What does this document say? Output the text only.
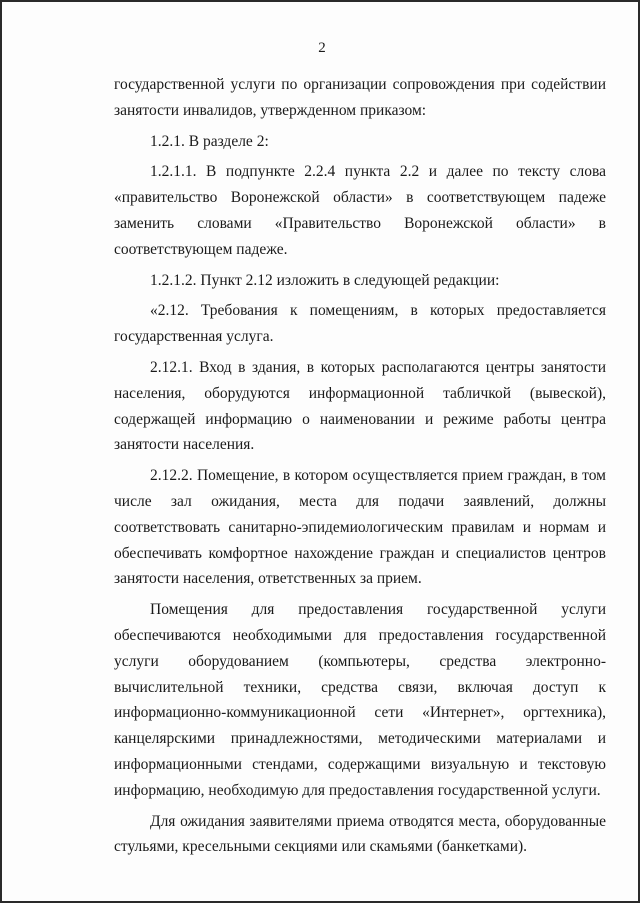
2

государственной услуги по организации сопровождения при содействии занятости инвалидов, утвержденном приказом:

1.2.1. В разделе 2:

1.2.1.1. В подпункте 2.2.4 пункта 2.2 и далее по тексту слова «правительство Воронежской области» в соответствующем падеже заменить словами «Правительство Воронежской области» в соответствующем падеже.

1.2.1.2. Пункт 2.12 изложить в следующей редакции:

«2.12. Требования к помещениям, в которых предоставляется государственная услуга.

2.12.1. Вход в здания, в которых располагаются центры занятости населения, оборудуются информационной табличкой (вывеской), содержащей информацию о наименовании и режиме работы центра занятости населения.

2.12.2. Помещение, в котором осуществляется прием граждан, в том числе зал ожидания, места для подачи заявлений, должны соответствовать санитарно-эпидемиологическим правилам и нормам и обеспечивать комфортное нахождение граждан и специалистов центров занятости населения, ответственных за прием.

Помещения для предоставления государственной услуги обеспечиваются необходимыми для предоставления государственной услуги оборудованием (компьютеры, средства электронно-вычислительной техники, средства связи, включая доступ к информационно-коммуникационной сети «Интернет», оргтехника), канцелярскими принадлежностями, методическими материалами и информационными стендами, содержащими визуальную и текстовую информацию, необходимую для предоставления государственной услуги.

Для ожидания заявителями приема отводятся места, оборудованные стульями, кресельными секциями или скамьями (банкетками).
